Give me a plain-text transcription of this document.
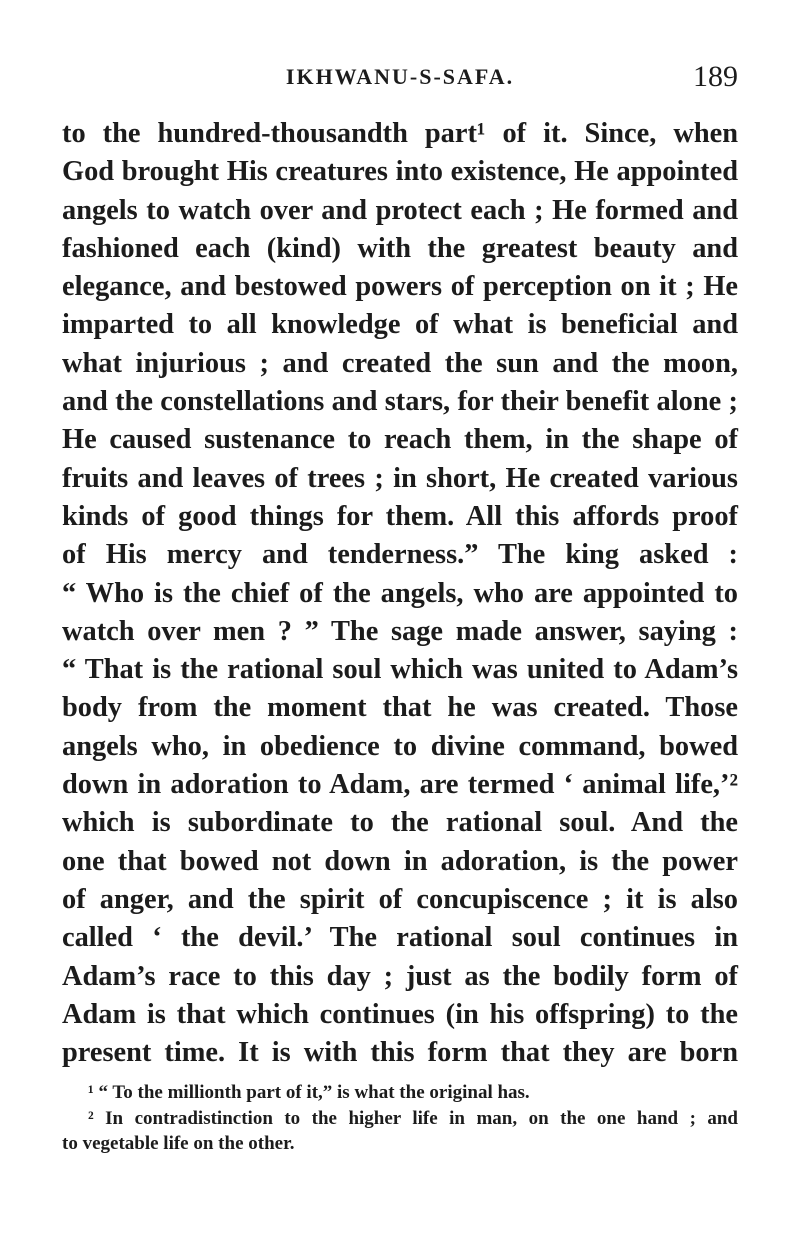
IKHWANU-S-SAFA.	189
to the hundred-thousandth part¹ of it. Since, when
God brought His creatures into existence, He appointed
angels to watch over and protect each ; He formed and
fashioned each (kind) with the greatest beauty and
elegance, and bestowed powers of perception on it ; He
imparted to all knowledge of what is beneficial and
what injurious ; and created the sun and the moon,
and the constellations and stars, for their benefit alone ;
He caused sustenance to reach them, in the shape of
fruits and leaves of trees ; in short, He created various
kinds of good things for them. All this affords proof
of His mercy and tenderness.” The king asked :
“ Who is the chief of the angels, who are appointed to
watch over men ? ” The sage made answer, saying :
“ That is the rational soul which was united to Adam’s
body from the moment that he was created. Those
angels who, in obedience to divine command, bowed
down in adoration to Adam, are termed ‘ animal life,’²
which is subordinate to the rational soul. And the
one that bowed not down in adoration, is the power
of anger, and the spirit of concupiscence ; it is also
called ‘ the devil.’ The rational soul continues in
Adam’s race to this day ; just as the bodily form of
Adam is that which continues (in his offspring) to the
present time. It is with this form that they are born
¹ “ To the millionth part of it,” is what the original has.
² In contradistinction to the higher life in man, on the one hand ; and
to vegetable life on the other.
